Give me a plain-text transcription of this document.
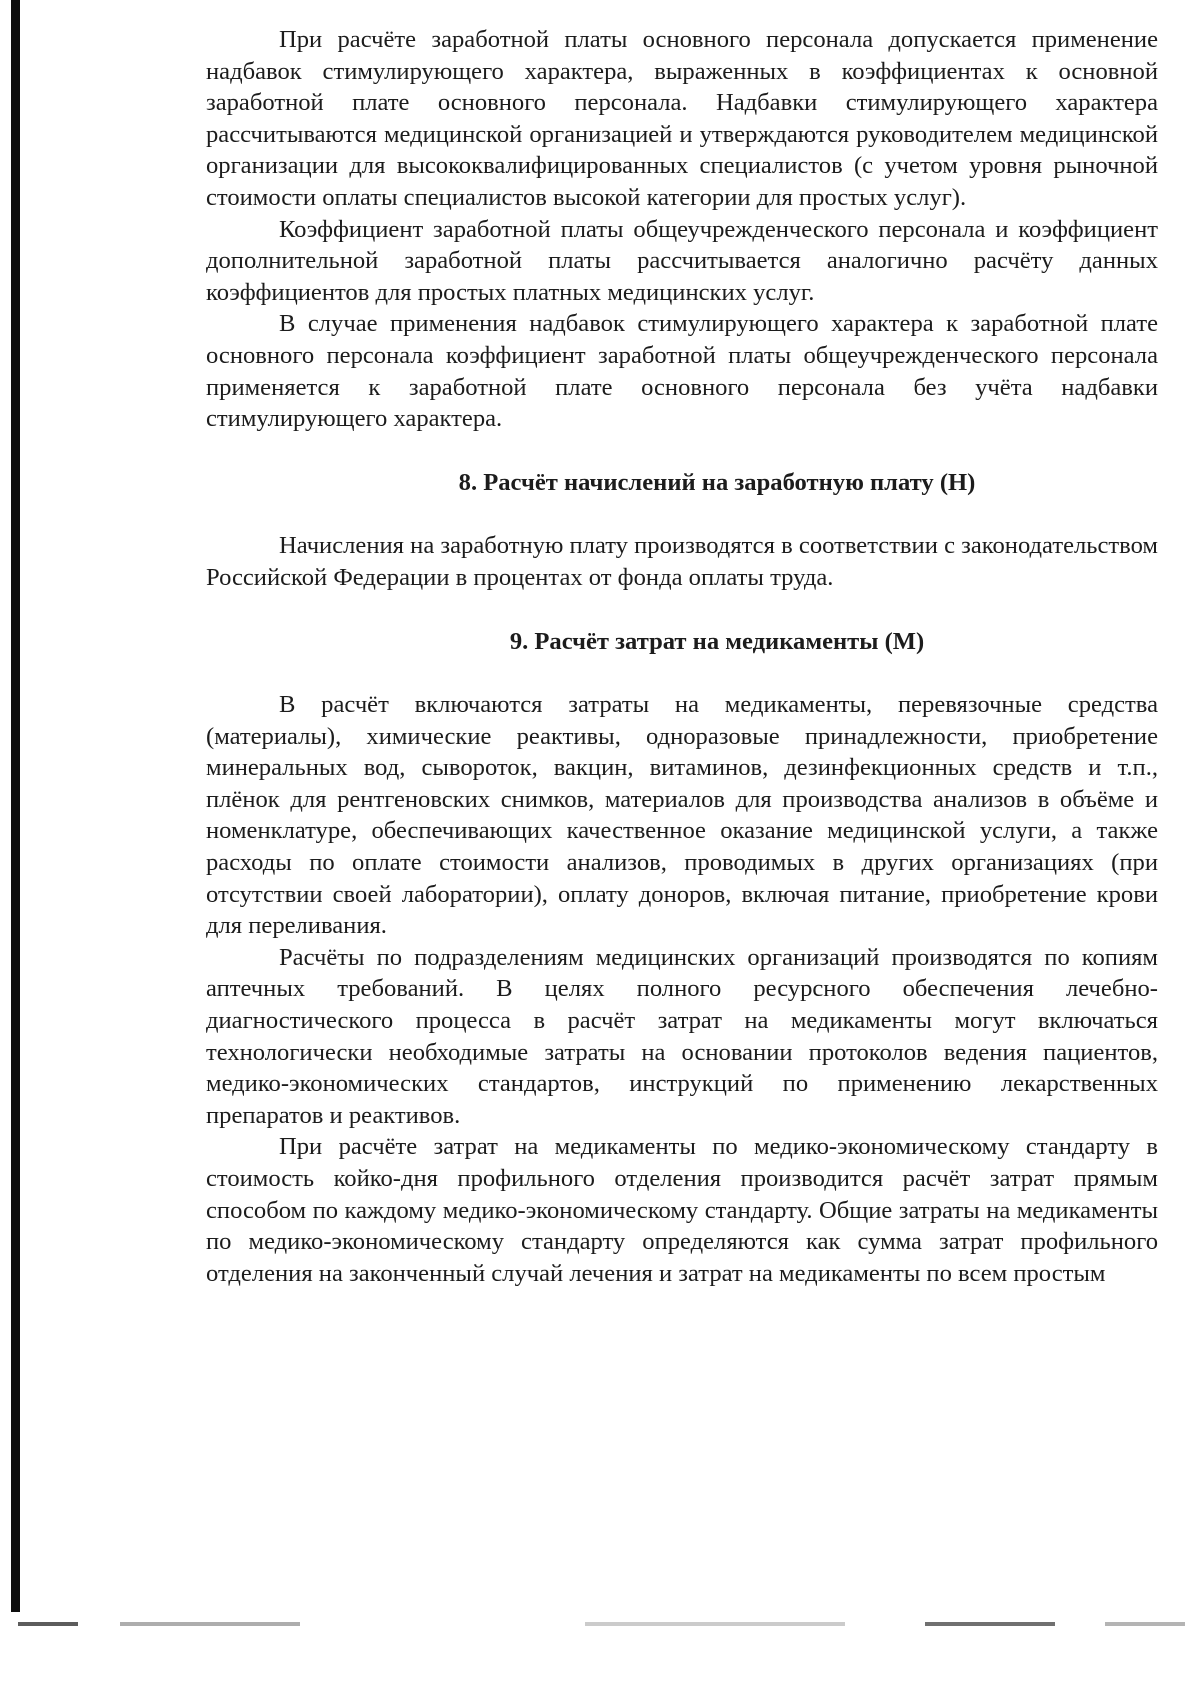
При расчёте заработной платы основного персонала допускается применение надбавок стимулирующего характера, выраженных в коэффициентах к основной заработной плате основного персонала. Надбавки стимулирующего характера рассчитываются медицинской организацией и утверждаются руководителем медицинской организации для высококвалифицированных специалистов (с учетом уровня рыночной стоимости оплаты специалистов высокой категории для простых услуг).

Коэффициент заработной платы общеучрежденческого персонала и коэффициент дополнительной заработной платы рассчитывается аналогично расчёту данных коэффициентов для простых платных медицинских услуг.

В случае применения надбавок стимулирующего характера к заработной плате основного персонала коэффициент заработной платы общеучрежденческого персонала применяется к заработной плате основного персонала без учёта надбавки стимулирующего характера.

8. Расчёт начислений на заработную плату (Н)

Начисления на заработную плату производятся в соответствии с законодательством Российской Федерации в процентах от фонда оплаты труда.

9. Расчёт затрат на медикаменты (М)

В расчёт включаются затраты на медикаменты, перевязочные средства (материалы), химические реактивы, одноразовые принадлежности, приобретение минеральных вод, сывороток, вакцин, витаминов, дезинфекционных средств и т.п., плёнок для рентгеновских снимков, материалов для производства анализов в объёме и номенклатуре, обеспечивающих качественное оказание медицинской услуги, а также расходы по оплате стоимости анализов, проводимых в других организациях (при отсутствии своей лаборатории), оплату доноров, включая питание, приобретение крови для переливания.

Расчёты по подразделениям медицинских организаций производятся по копиям аптечных требований. В целях полного ресурсного обеспечения лечебно-диагностического процесса в расчёт затрат на медикаменты могут включаться технологически необходимые затраты на основании протоколов ведения пациентов, медико-экономических стандартов, инструкций по применению лекарственных препаратов и реактивов.

При расчёте затрат на медикаменты по медико-экономическому стандарту в стоимость койко-дня профильного отделения производится расчёт затрат прямым способом по каждому медико-экономическому стандарту. Общие затраты на медикаменты по медико-экономическому стандарту определяются как сумма затрат профильного отделения на законченный случай лечения и затрат на медикаменты по всем простым
